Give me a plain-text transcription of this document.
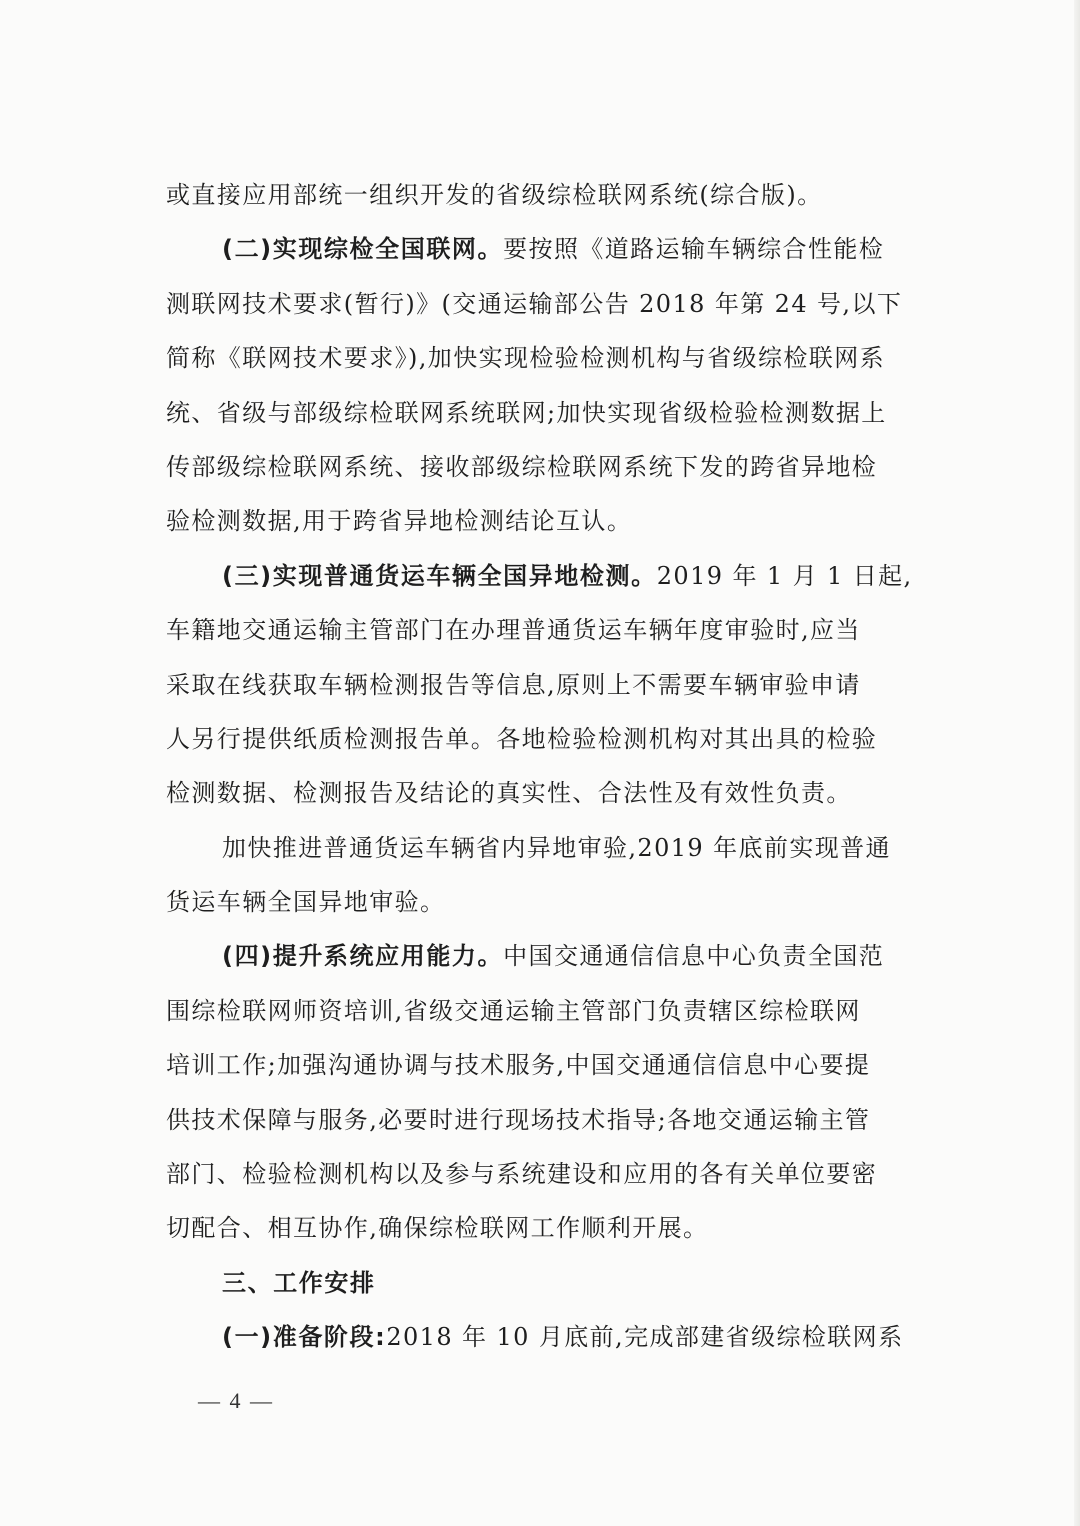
或直接应用部统一组织开发的省级综检联网系统(综合版)。
(二)实现综检全国联网。要按照《道路运输车辆综合性能检
测联网技术要求(暂行)》(交通运输部公告 2018 年第 24 号,以下
简称《联网技术要求》),加快实现检验检测机构与省级综检联网系
统、省级与部级综检联网系统联网;加快实现省级检验检测数据上
传部级综检联网系统、接收部级综检联网系统下发的跨省异地检
验检测数据,用于跨省异地检测结论互认。
(三)实现普通货运车辆全国异地检测。2019 年 1 月 1 日起,
车籍地交通运输主管部门在办理普通货运车辆年度审验时,应当
采取在线获取车辆检测报告等信息,原则上不需要车辆审验申请
人另行提供纸质检测报告单。各地检验检测机构对其出具的检验
检测数据、检测报告及结论的真实性、合法性及有效性负责。
加快推进普通货运车辆省内异地审验,2019 年底前实现普通
货运车辆全国异地审验。
(四)提升系统应用能力。中国交通通信信息中心负责全国范
围综检联网师资培训,省级交通运输主管部门负责辖区综检联网
培训工作;加强沟通协调与技术服务,中国交通通信信息中心要提
供技术保障与服务,必要时进行现场技术指导;各地交通运输主管
部门、检验检测机构以及参与系统建设和应用的各有关单位要密
切配合、相互协作,确保综检联网工作顺利开展。
三、工作安排
(一)准备阶段:2018 年 10 月底前,完成部建省级综检联网系
— 4 —
